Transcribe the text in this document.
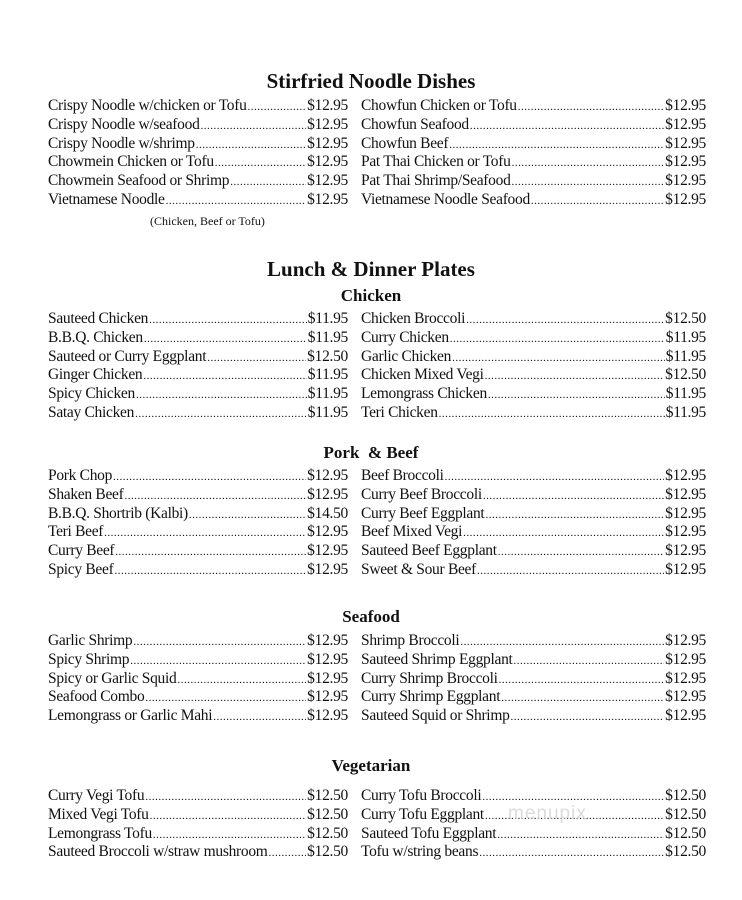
Stirfried Noodle Dishes
Crispy Noodle w/chicken or Tofu .....	$12.95
Crispy Noodle w/seafood .....	$12.95
Crispy Noodle w/shrimp .....	$12.95
Chowmein Chicken or Tofu .....	$12.95
Chowmein Seafood or Shrimp .....	$12.95
Vietnamese Noodle .....	$12.95
Chowfun Chicken or Tofu .....	$12.95
Chowfun Seafood .....	$12.95
Chowfun Beef .....	$12.95
Pat Thai Chicken or Tofu .....	$12.95
Pat Thai Shrimp/Seafood .....	$12.95
Vietnamese Noodle Seafood .....	$12.95
(Chicken, Beef or Tofu)
Lunch & Dinner Plates
Chicken
Sauteed Chicken .....	$11.95
B.B.Q. Chicken .....	$11.95
Sauteed or Curry Eggplant .....	$12.50
Ginger Chicken .....	$11.95
Spicy Chicken .....	$11.95
Satay Chicken .....	$11.95
Chicken Broccoli .....	$12.50
Curry Chicken .....	$11.95
Garlic Chicken .....	$11.95
Chicken Mixed Vegi .....	$12.50
Lemongrass Chicken .....	$11.95
Teri Chicken .....	$11.95
Pork  & Beef
Pork Chop .....	$12.95
Shaken Beef .....	$12.95
B.B.Q. Shortrib (Kalbi) .....	$14.50
Teri Beef .....	$12.95
Curry Beef .....	$12.95
Spicy Beef .....	$12.95
Beef Broccoli .....	$12.95
Curry Beef Broccoli .....	$12.95
Curry Beef Eggplant .....	$12.95
Beef Mixed Vegi .....	$12.95
Sauteed Beef Eggplant .....	$12.95
Sweet & Sour Beef .....	$12.95
Seafood
Garlic Shrimp .....	$12.95
Spicy Shrimp .....	$12.95
Spicy or Garlic Squid .....	$12.95
Seafood Combo .....	$12.95
Lemongrass or Garlic Mahi .....	$12.95
Shrimp Broccoli .....	$12.95
Sauteed Shrimp Eggplant .....	$12.95
Curry Shrimp Broccoli .....	$12.95
Curry Shrimp Eggplant .....	$12.95
Sauteed Squid or Shrimp .....	$12.95
Vegetarian
Curry Vegi Tofu .....	$12.50
Mixed Vegi Tofu .....	$12.50
Lemongrass Tofu .....	$12.50
Sauteed Broccoli w/straw mushroom .....	$12.50
Curry Tofu Broccoli .....	$12.50
Curry Tofu Eggplant .....	$12.50
Sauteed Tofu Eggplant .....	$12.50
Tofu w/string beans .....	$12.50
menupix
